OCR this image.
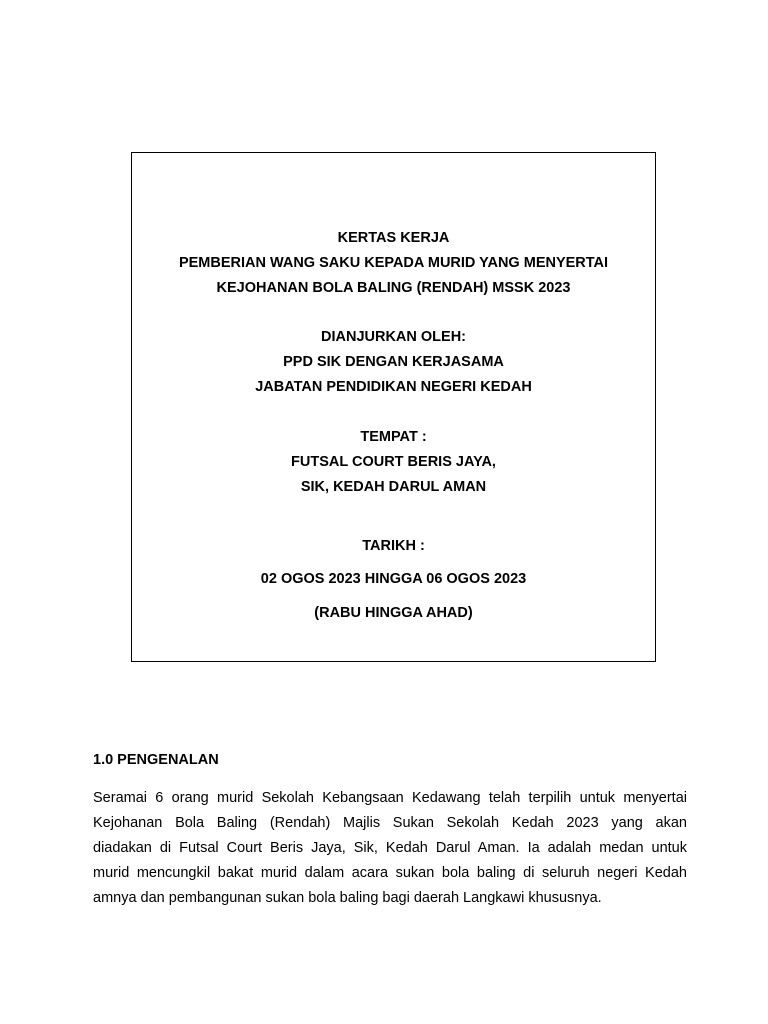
KERTAS KERJA
PEMBERIAN WANG SAKU KEPADA MURID YANG MENYERTAI
KEJOHANAN BOLA BALING (RENDAH) MSSK 2023
DIANJURKAN OLEH:
PPD SIK DENGAN KERJASAMA
JABATAN PENDIDIKAN NEGERI KEDAH
TEMPAT :
FUTSAL COURT BERIS JAYA,
SIK, KEDAH DARUL AMAN
TARIKH :
02 OGOS 2023 HINGGA 06 OGOS 2023
(RABU HINGGA AHAD)
1.0 PENGENALAN
Seramai 6 orang murid Sekolah Kebangsaan Kedawang telah terpilih untuk menyertai
Kejohanan Bola Baling (Rendah) Majlis Sukan Sekolah Kedah 2023 yang akan
diadakan di Futsal Court Beris Jaya, Sik, Kedah Darul Aman. Ia adalah medan untuk
murid mencungkil bakat murid dalam acara sukan bola baling di seluruh negeri Kedah
amnya dan pembangunan sukan bola baling bagi daerah Langkawi khususnya.
